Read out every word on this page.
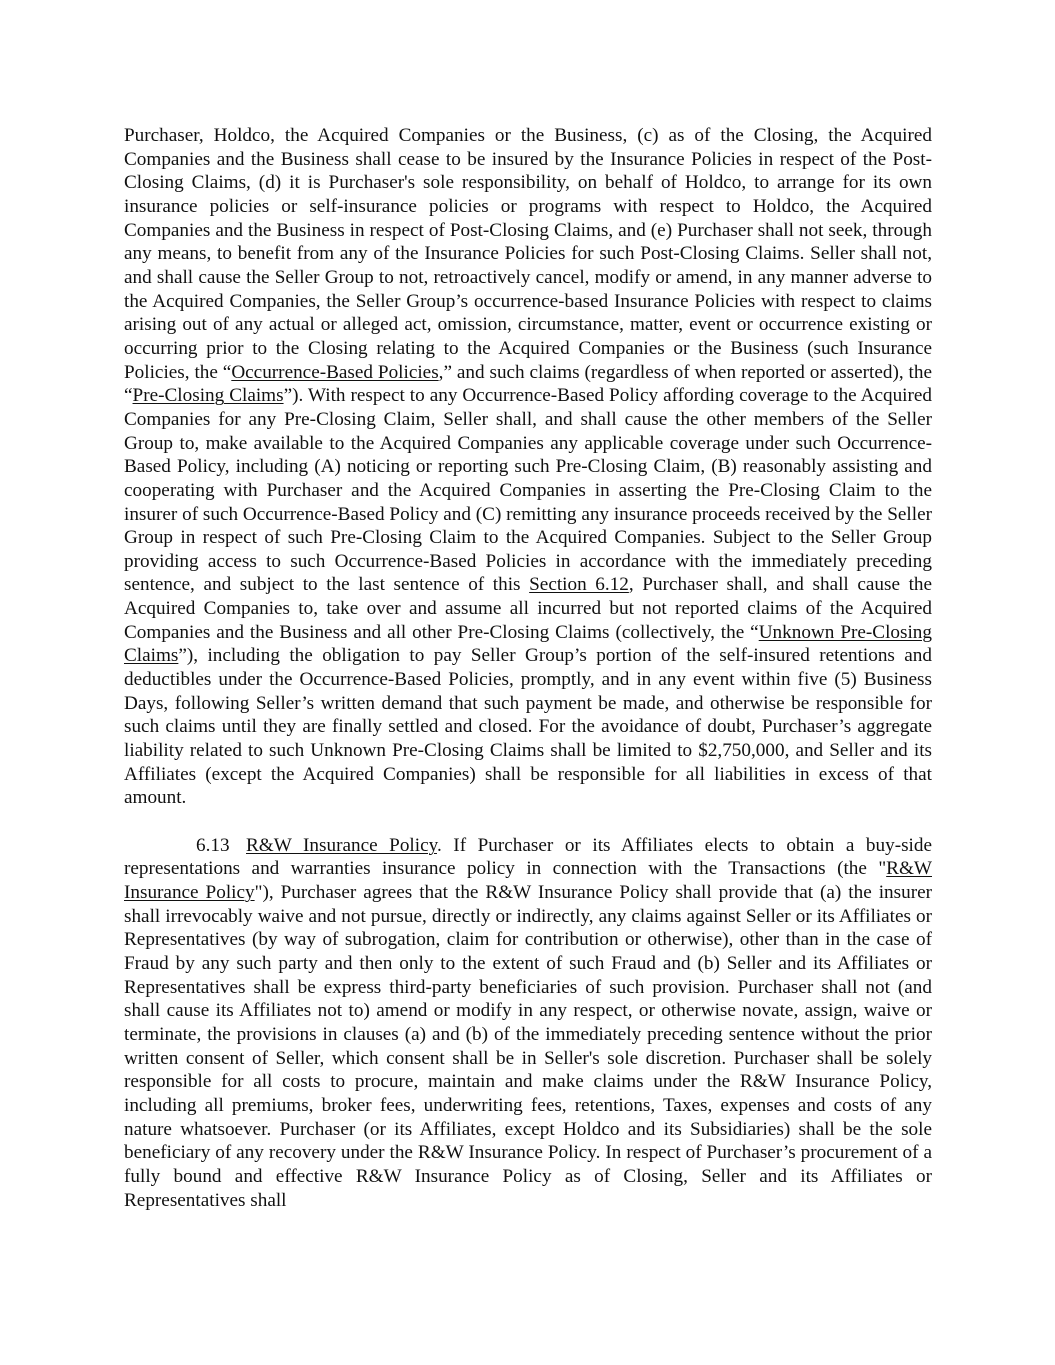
Purchaser, Holdco, the Acquired Companies or the Business, (c) as of the Closing, the Acquired Companies and the Business shall cease to be insured by the Insurance Policies in respect of the Post-Closing Claims, (d) it is Purchaser's sole responsibility, on behalf of Holdco, to arrange for its own insurance policies or self-insurance policies or programs with respect to Holdco, the Acquired Companies and the Business in respect of Post-Closing Claims, and (e) Purchaser shall not seek, through any means, to benefit from any of the Insurance Policies for such Post-Closing Claims. Seller shall not, and shall cause the Seller Group to not, retroactively cancel, modify or amend, in any manner adverse to the Acquired Companies, the Seller Group’s occurrence-based Insurance Policies with respect to claims arising out of any actual or alleged act, omission, circumstance, matter, event or occurrence existing or occurring prior to the Closing relating to the Acquired Companies or the Business (such Insurance Policies, the “Occurrence-Based Policies,” and such claims (regardless of when reported or asserted), the “Pre-Closing Claims”). With respect to any Occurrence-Based Policy affording coverage to the Acquired Companies for any Pre-Closing Claim, Seller shall, and shall cause the other members of the Seller Group to, make available to the Acquired Companies any applicable coverage under such Occurrence-Based Policy, including (A) noticing or reporting such Pre-Closing Claim, (B) reasonably assisting and cooperating with Purchaser and the Acquired Companies in asserting the Pre-Closing Claim to the insurer of such Occurrence-Based Policy and (C) remitting any insurance proceeds received by the Seller Group in respect of such Pre-Closing Claim to the Acquired Companies. Subject to the Seller Group providing access to such Occurrence-Based Policies in accordance with the immediately preceding sentence, and subject to the last sentence of this Section 6.12, Purchaser shall, and shall cause the Acquired Companies to, take over and assume all incurred but not reported claims of the Acquired Companies and the Business and all other Pre-Closing Claims (collectively, the “Unknown Pre-Closing Claims”), including the obligation to pay Seller Group’s portion of the self-insured retentions and deductibles under the Occurrence-Based Policies, promptly, and in any event within five (5) Business Days, following Seller’s written demand that such payment be made, and otherwise be responsible for such claims until they are finally settled and closed. For the avoidance of doubt, Purchaser’s aggregate liability related to such Unknown Pre-Closing Claims shall be limited to $2,750,000, and Seller and its Affiliates (except the Acquired Companies) shall be responsible for all liabilities in excess of that amount.

6.13 R&W Insurance Policy. If Purchaser or its Affiliates elects to obtain a buy-side representations and warranties insurance policy in connection with the Transactions (the "R&W Insurance Policy"), Purchaser agrees that the R&W Insurance Policy shall provide that (a) the insurer shall irrevocably waive and not pursue, directly or indirectly, any claims against Seller or its Affiliates or Representatives (by way of subrogation, claim for contribution or otherwise), other than in the case of Fraud by any such party and then only to the extent of such Fraud and (b) Seller and its Affiliates or Representatives shall be express third-party beneficiaries of such provision. Purchaser shall not (and shall cause its Affiliates not to) amend or modify in any respect, or otherwise novate, assign, waive or terminate, the provisions in clauses (a) and (b) of the immediately preceding sentence without the prior written consent of Seller, which consent shall be in Seller's sole discretion. Purchaser shall be solely responsible for all costs to procure, maintain and make claims under the R&W Insurance Policy, including all premiums, broker fees, underwriting fees, retentions, Taxes, expenses and costs of any nature whatsoever. Purchaser (or its Affiliates, except Holdco and its Subsidiaries) shall be the sole beneficiary of any recovery under the R&W Insurance Policy. In respect of Purchaser’s procurement of a fully bound and effective R&W Insurance Policy as of Closing, Seller and its Affiliates or Representatives shall
